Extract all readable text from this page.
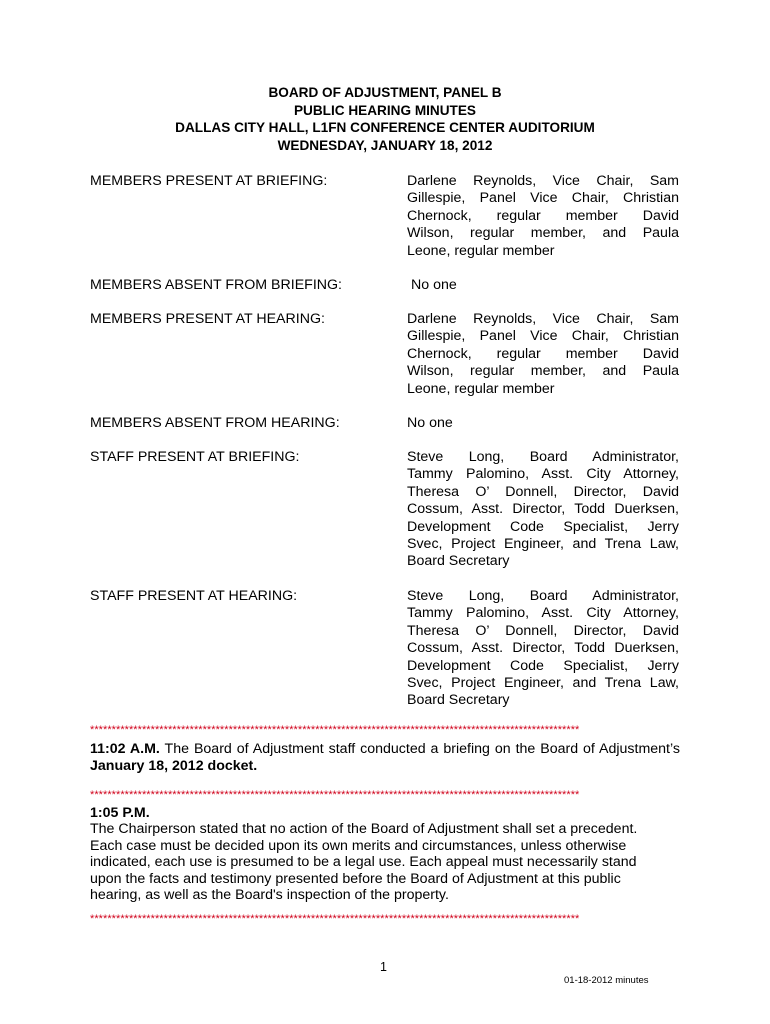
BOARD OF ADJUSTMENT, PANEL B
PUBLIC HEARING MINUTES
DALLAS CITY HALL, L1FN CONFERENCE CENTER AUDITORIUM
WEDNESDAY, JANUARY 18, 2012
MEMBERS PRESENT AT BRIEFING:	Darlene Reynolds, Vice Chair, Sam
Gillespie, Panel Vice Chair, Christian
Chernock, regular member David
Wilson, regular member, and Paula
Leone, regular member
MEMBERS ABSENT FROM BRIEFING:	No one
MEMBERS PRESENT AT HEARING:	Darlene Reynolds, Vice Chair, Sam
Gillespie, Panel Vice Chair, Christian
Chernock, regular member David
Wilson, regular member, and Paula
Leone, regular member
MEMBERS ABSENT FROM HEARING:	No one
STAFF PRESENT AT BRIEFING:	Steve Long, Board Administrator,
Tammy Palomino, Asst. City Attorney,
Theresa O’ Donnell, Director, David
Cossum, Asst. Director, Todd Duerksen,
Development Code Specialist, Jerry
Svec, Project Engineer, and Trena Law,
Board Secretary
STAFF PRESENT AT HEARING:	Steve Long, Board Administrator,
Tammy Palomino, Asst. City Attorney,
Theresa O’ Donnell, Director, David
Cossum, Asst. Director, Todd Duerksen,
Development Code Specialist, Jerry
Svec, Project Engineer, and Trena Law,
Board Secretary
*****************************************************************************************************************
11:02 A.M. The Board of Adjustment staff conducted a briefing on the Board of Adjustment’s January 18, 2012 docket.
*****************************************************************************************************************
1:05 P.M.
The Chairperson stated that no action of the Board of Adjustment shall set a precedent.
Each case must be decided upon its own merits and circumstances, unless otherwise
indicated, each use is presumed to be a legal use. Each appeal must necessarily stand
upon the facts and testimony presented before the Board of Adjustment at this public
hearing, as well as the Board's inspection of the property.
*****************************************************************************************************************
1
01-18-2012 minutes
